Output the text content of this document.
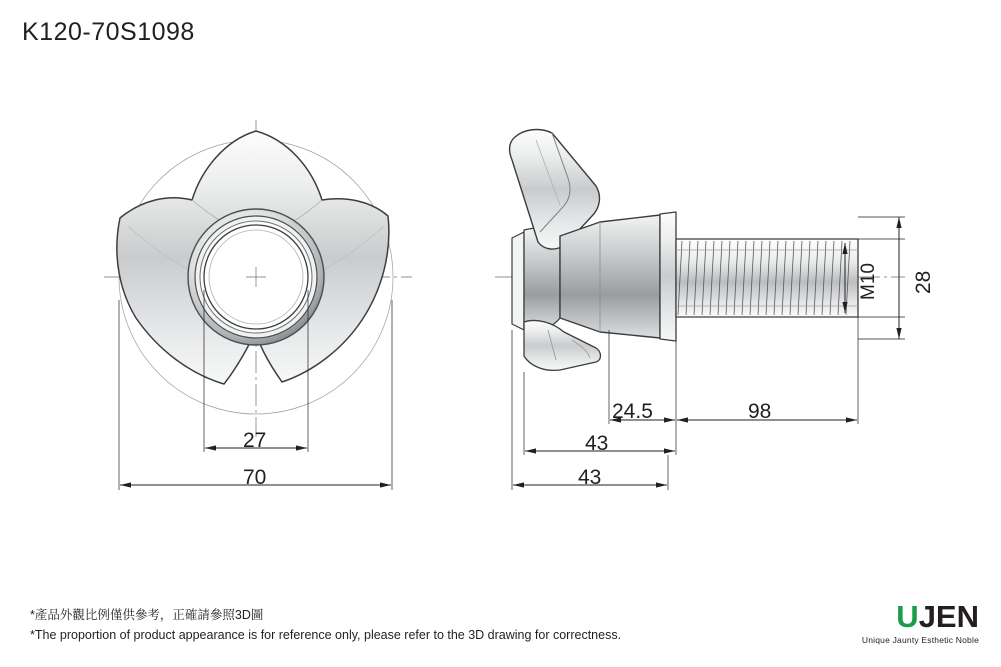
K120-70S1098
27
70
24.5	98
43
43
M10 28
*產品外觀比例僅供參考，正確請參照3D圖
*The proportion of product appearance is for reference only, please refer to the 3D drawing for correctness.
UJEN
Unique Jaunty Esthetic Noble
